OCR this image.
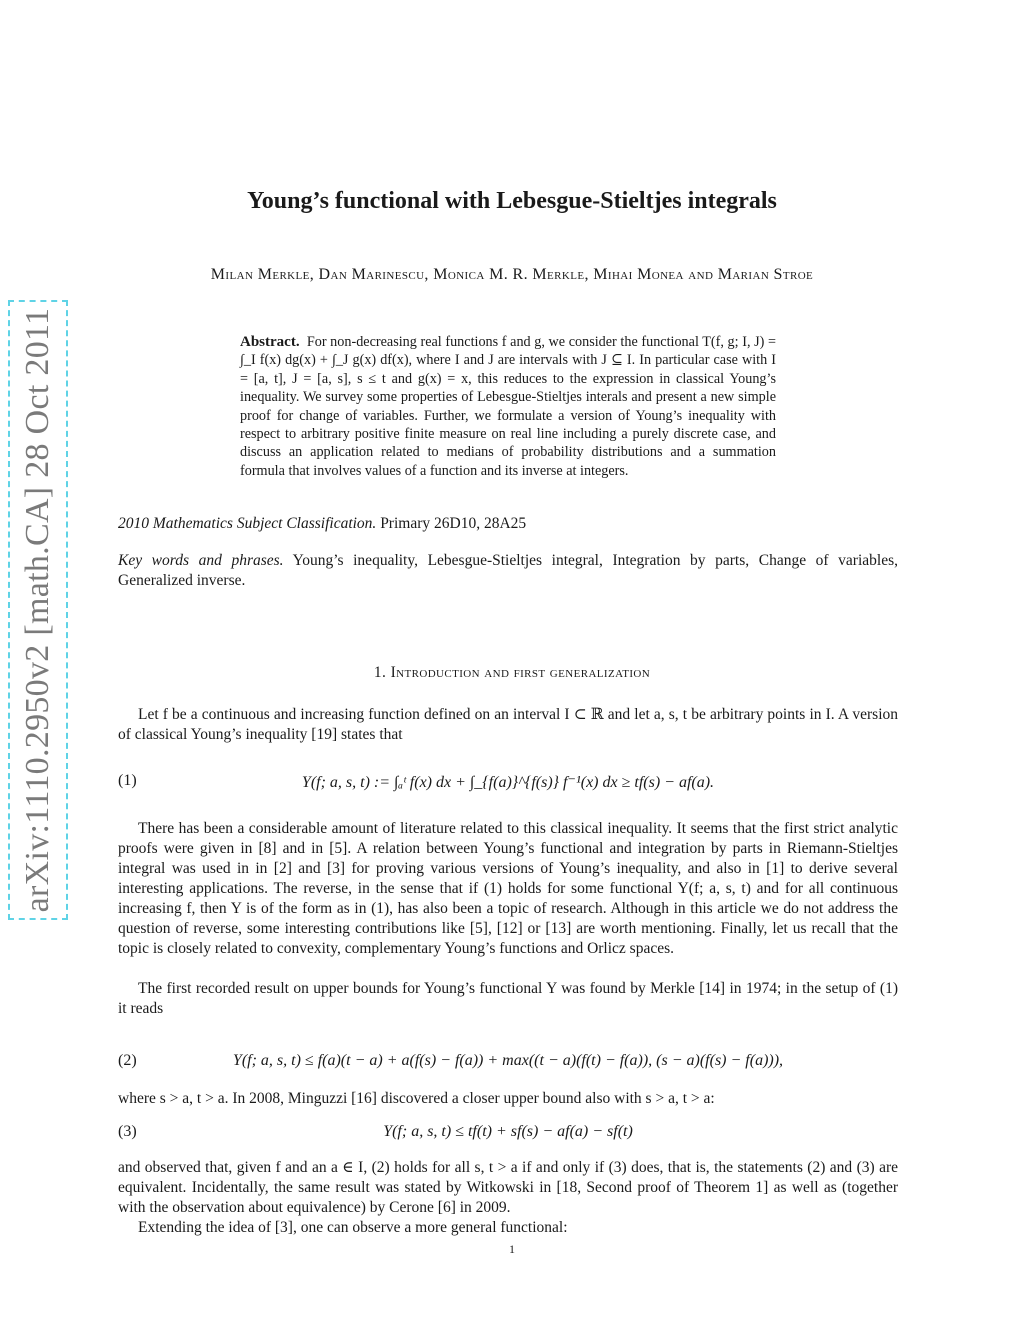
arXiv:1110.2950v2 [math.CA] 28 Oct 2011
Young’s functional with Lebesgue-Stieltjes integrals
Milan Merkle, Dan Marinescu, Monica M. R. Merkle, Mihai Monea and Marian Stroe
Abstract. For non-decreasing real functions f and g, we consider the functional T(f, g; I, J) = ∫_I f(x) dg(x) + ∫_J g(x) df(x), where I and J are intervals with J ⊆ I. In particular case with I = [a, t], J = [a, s], s ≤ t and g(x) = x, this reduces to the expression in classical Young’s inequality. We survey some properties of Lebesgue-Stieltjes interals and present a new simple proof for change of variables. Further, we formulate a version of Young’s inequality with respect to arbitrary positive finite measure on real line including a purely discrete case, and discuss an application related to medians of probability distributions and a summation formula that involves values of a function and its inverse at integers.
2010 Mathematics Subject Classification. Primary 26D10, 28A25
Key words and phrases. Young’s inequality, Lebesgue-Stieltjes integral, Integration by parts, Change of variables, Generalized inverse.
1. Introduction and first generalization
Let f be a continuous and increasing function defined on an interval I ⊂ ℝ and let a, s, t be arbitrary points in I. A version of classical Young’s inequality [19] states that
(1)	Y(f; a, s, t) := ∫ₐᵗ f(x) dx + ∫_{f(a)}^{f(s)} f⁻¹(x) dx ≥ tf(s) − af(a).
There has been a considerable amount of literature related to this classical inequality. It seems that the first strict analytic proofs were given in [8] and in [5]. A relation between Young’s functional and integration by parts in Riemann-Stieltjes integral was used in in [2] and [3] for proving various versions of Young’s inequality, and also in [1] to derive several interesting applications. The reverse, in the sense that if (1) holds for some functional Y(f; a, s, t) and for all continuous increasing f, then Y is of the form as in (1), has also been a topic of research. Although in this article we do not address the question of reverse, some interesting contributions like [5], [12] or [13] are worth mentioning. Finally, let us recall that the topic is closely related to convexity, complementary Young’s functions and Orlicz spaces.
The first recorded result on upper bounds for Young’s functional Y was found by Merkle [14] in 1974; in the setup of (1) it reads
(2)	Y(f; a, s, t) ≤ f(a)(t − a) + a(f(s) − f(a)) + max((t − a)(f(t) − f(a)), (s − a)(f(s) − f(a))),
where s > a, t > a. In 2008, Minguzzi [16] discovered a closer upper bound also with s > a, t > a:
(3)	Y(f; a, s, t) ≤ tf(t) + sf(s) − af(a) − sf(t)
and observed that, given f and an a ∈ I, (2) holds for all s, t > a if and only if (3) does, that is, the statements (2) and (3) are equivalent. Incidentally, the same result was stated by Witkowski in [18, Second proof of Theorem 1] as well as (together with the observation about equivalence) by Cerone [6] in 2009.
Extending the idea of [3], one can observe a more general functional:
1
